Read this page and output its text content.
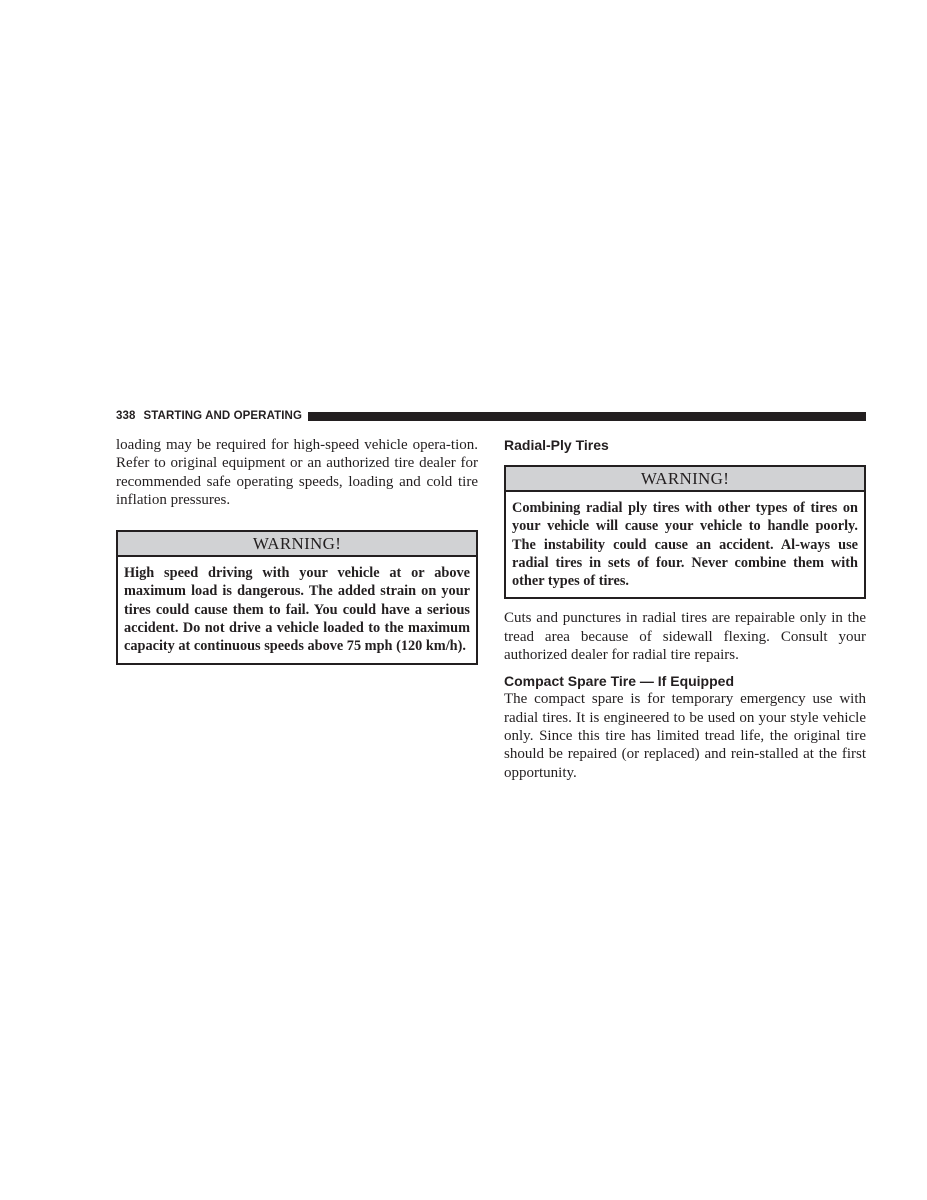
338 STARTING AND OPERATING

loading may be required for high-speed vehicle opera-tion. Refer to original equipment or an authorized tire dealer for recommended safe operating speeds, loading and cold tire inflation pressures.

WARNING!

High speed driving with your vehicle at or above maximum load is dangerous. The added strain on your tires could cause them to fail. You could have a serious accident. Do not drive a vehicle loaded to the maximum capacity at continuous speeds above 75 mph (120 km/h).

Radial-Ply Tires

WARNING!

Combining radial ply tires with other types of tires on your vehicle will cause your vehicle to handle poorly. The instability could cause an accident. Al-ways use radial tires in sets of four. Never combine them with other types of tires.

Cuts and punctures in radial tires are repairable only in the tread area because of sidewall flexing. Consult your authorized dealer for radial tire repairs.

Compact Spare Tire — If Equipped

The compact spare is for temporary emergency use with radial tires. It is engineered to be used on your style vehicle only. Since this tire has limited tread life, the original tire should be repaired (or replaced) and rein-stalled at the first opportunity.
